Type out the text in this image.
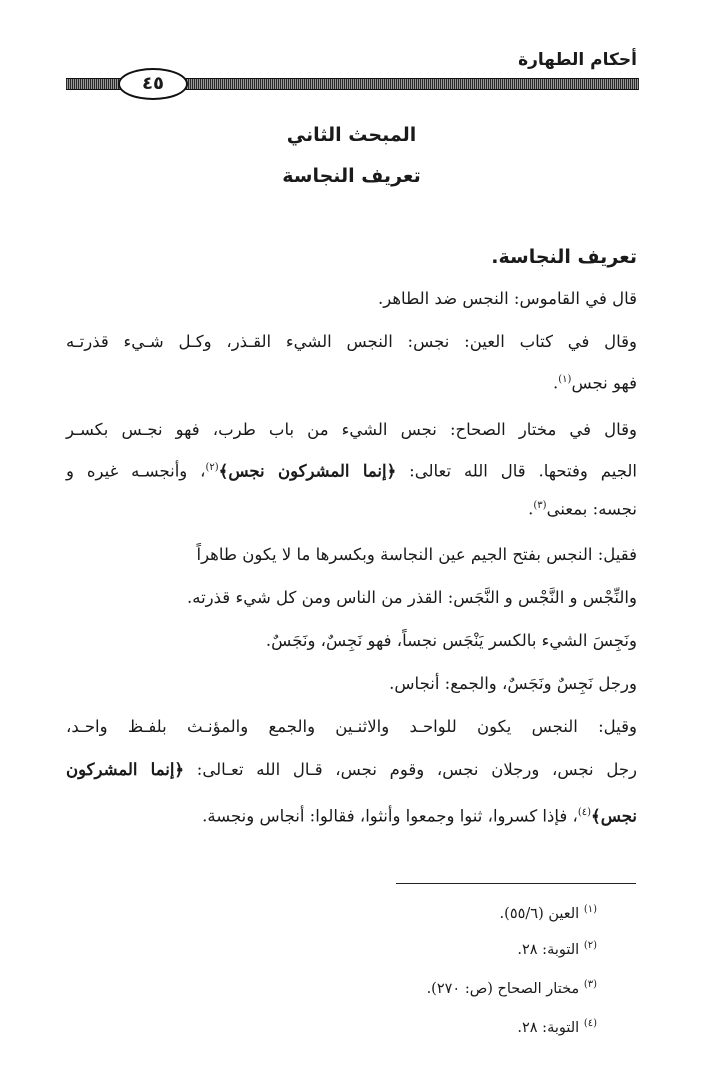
أحكام الطهارة
٤٥
المبحث الثاني
تعريف النجاسة
تعريف النجاسة.
قال في القاموس: النجس ضد الطاهر.
وقال في كتاب العين: نجس: النجس الشيء القـذر، وكـل شـيء قذرتـه
فهو نجس$^{(١)}$.
وقال في مختار الصحاح: نجس الشيء من باب طرب، فهو نجـس بكسـر
الجيم وفتحها. قال الله تعالى: ﴿إنما المشركون نجس﴾$^{(٢)}$، وأنجسـه غيره و
نجسه: بمعنى$^{(٣)}$.
فقيل: النجس بفتح الجيم عين النجاسة وبكسرها ما لا يكون طاهراً
والنِّجْس و النَّجْس و النَّجَس: القذر من الناس ومن كل شيء قذرته.
ونَجِسَ الشيء بالكسر يَنْجَس نجساً، فهو نَجِسٌ، ونَجَسٌ.
ورجل نَجِسٌ ونَجَسٌ، والجمع: أنجاس.
وقيل: النجس يكون للواحـد والاثنـين والجمع والمؤنـث بلفـظ واحـد،
رجل نجس، ورجلان نجس، وقوم نجس، قـال الله تعـالى: ﴿إنما المشركون
نجس﴾$^{(٤)}$، فإذا كسروا، ثنوا وجمعوا وأنثوا، فقالوا: أنجاس ونجسة.
$^{(١)}$ العين (٥٥/٦).
$^{(٢)}$ التوبة: ٢٨.
$^{(٣)}$ مختار الصحاح (ص: ٢٧٠).
$^{(٤)}$ التوبة: ٢٨.
